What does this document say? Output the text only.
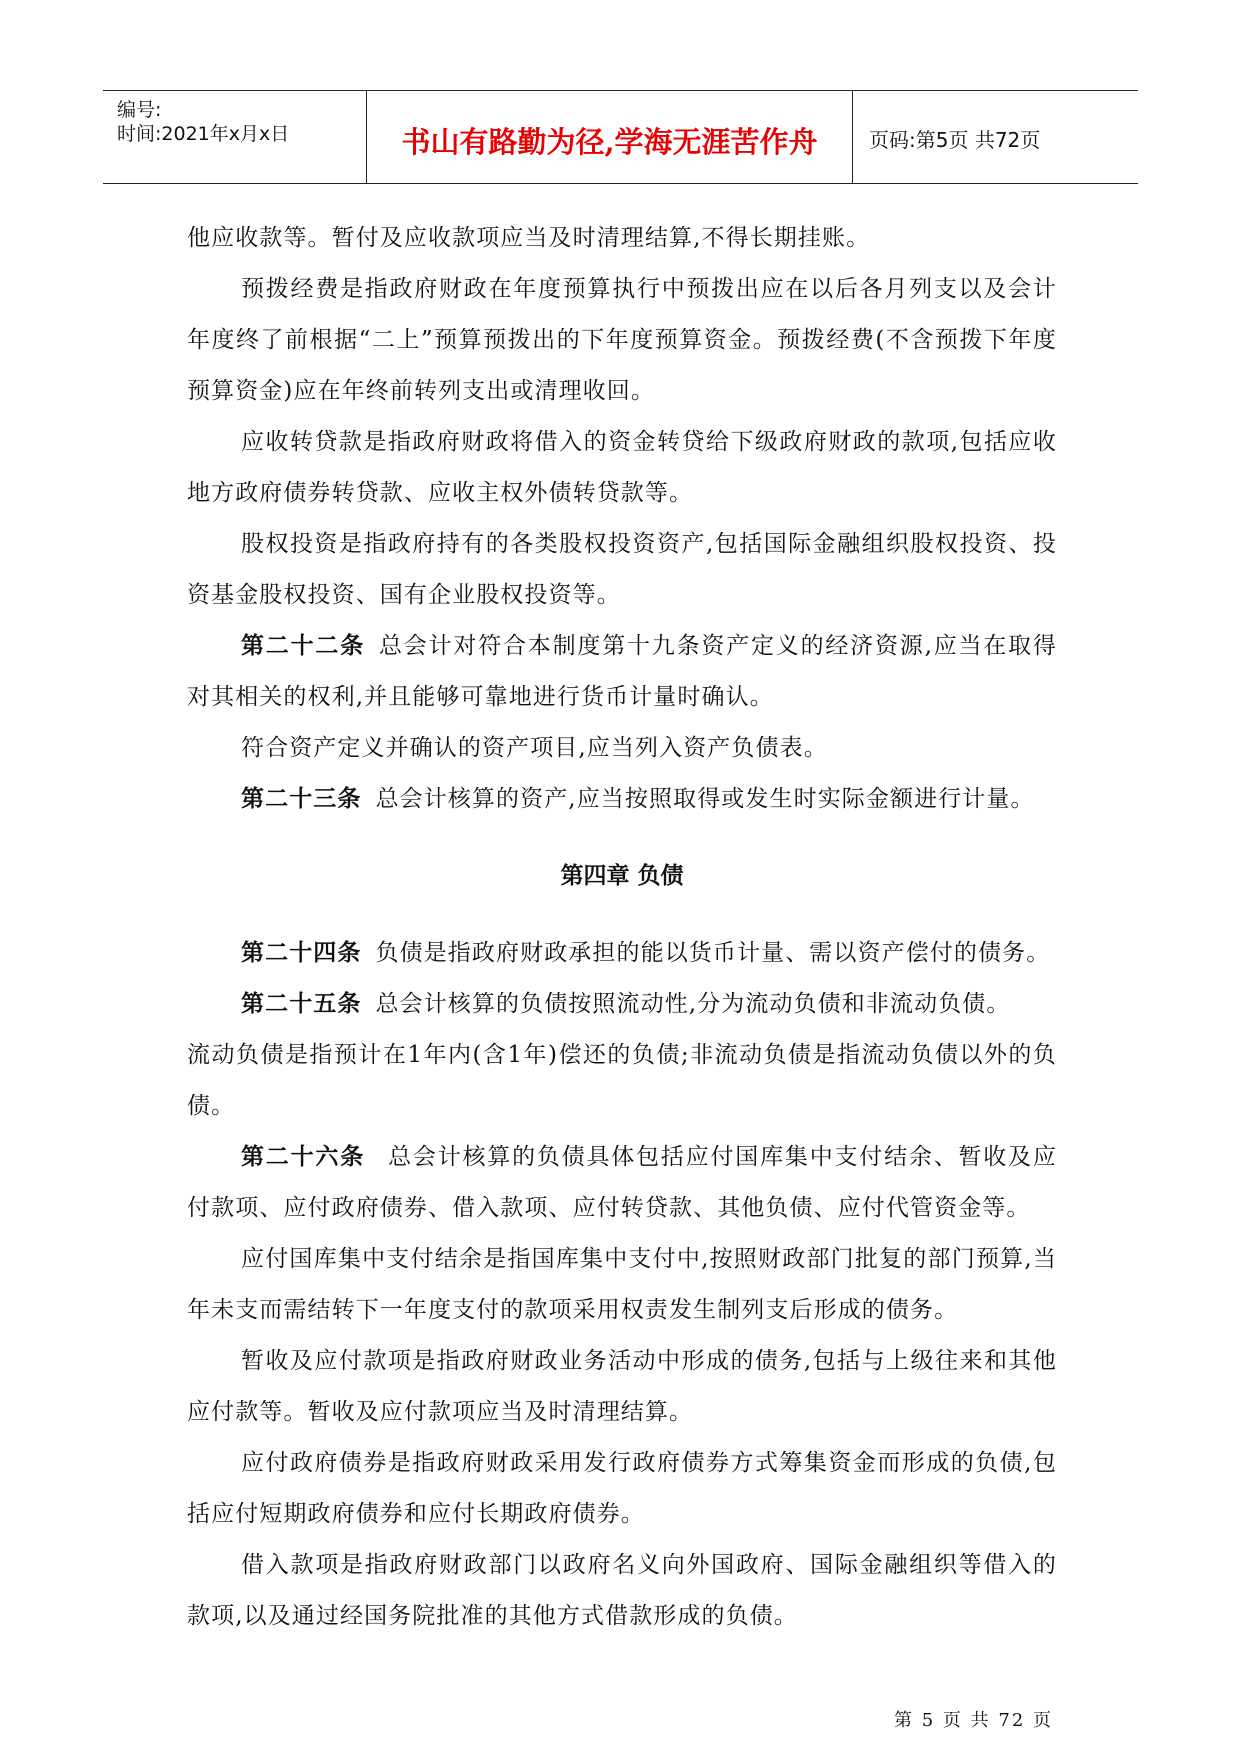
编号:
时间:2021年x月x日	书山有路勤为径,学海无涯苦作舟	页码:第5页 共72页

他应收款等。暂付及应收款项应当及时清理结算,不得长期挂账。

预拨经费是指政府财政在年度预算执行中预拨出应在以后各月列支以及会计年度终了前根据“二上”预算预拨出的下年度预算资金。预拨经费(不含预拨下年度预算资金)应在年终前转列支出或清理收回。

应收转贷款是指政府财政将借入的资金转贷给下级政府财政的款项,包括应收地方政府债券转贷款、应收主权外债转贷款等。

股权投资是指政府持有的各类股权投资资产,包括国际金融组织股权投资、投资基金股权投资、国有企业股权投资等。

第二十二条 总会计对符合本制度第十九条资产定义的经济资源,应当在取得对其相关的权利,并且能够可靠地进行货币计量时确认。

符合资产定义并确认的资产项目,应当列入资产负债表。

第二十三条 总会计核算的资产,应当按照取得或发生时实际金额进行计量。

第四章 负债

第二十四条 负债是指政府财政承担的能以货币计量、需以资产偿付的债务。

第二十五条 总会计核算的负债按照流动性,分为流动负债和非流动负债。

流动负债是指预计在1年内(含1年)偿还的负债;非流动负债是指流动负债以外的负债。

第二十六条 总会计核算的负债具体包括应付国库集中支付结余、暂收及应付款项、应付政府债券、借入款项、应付转贷款、其他负债、应付代管资金等。

应付国库集中支付结余是指国库集中支付中,按照财政部门批复的部门预算,当年未支而需结转下一年度支付的款项采用权责发生制列支后形成的债务。

暂收及应付款项是指政府财政业务活动中形成的债务,包括与上级往来和其他应付款等。暂收及应付款项应当及时清理结算。

应付政府债券是指政府财政采用发行政府债券方式筹集资金而形成的负债,包括应付短期政府债券和应付长期政府债券。

借入款项是指政府财政部门以政府名义向外国政府、国际金融组织等借入的款项,以及通过经国务院批准的其他方式借款形成的负债。

第 5 页 共 72 页
